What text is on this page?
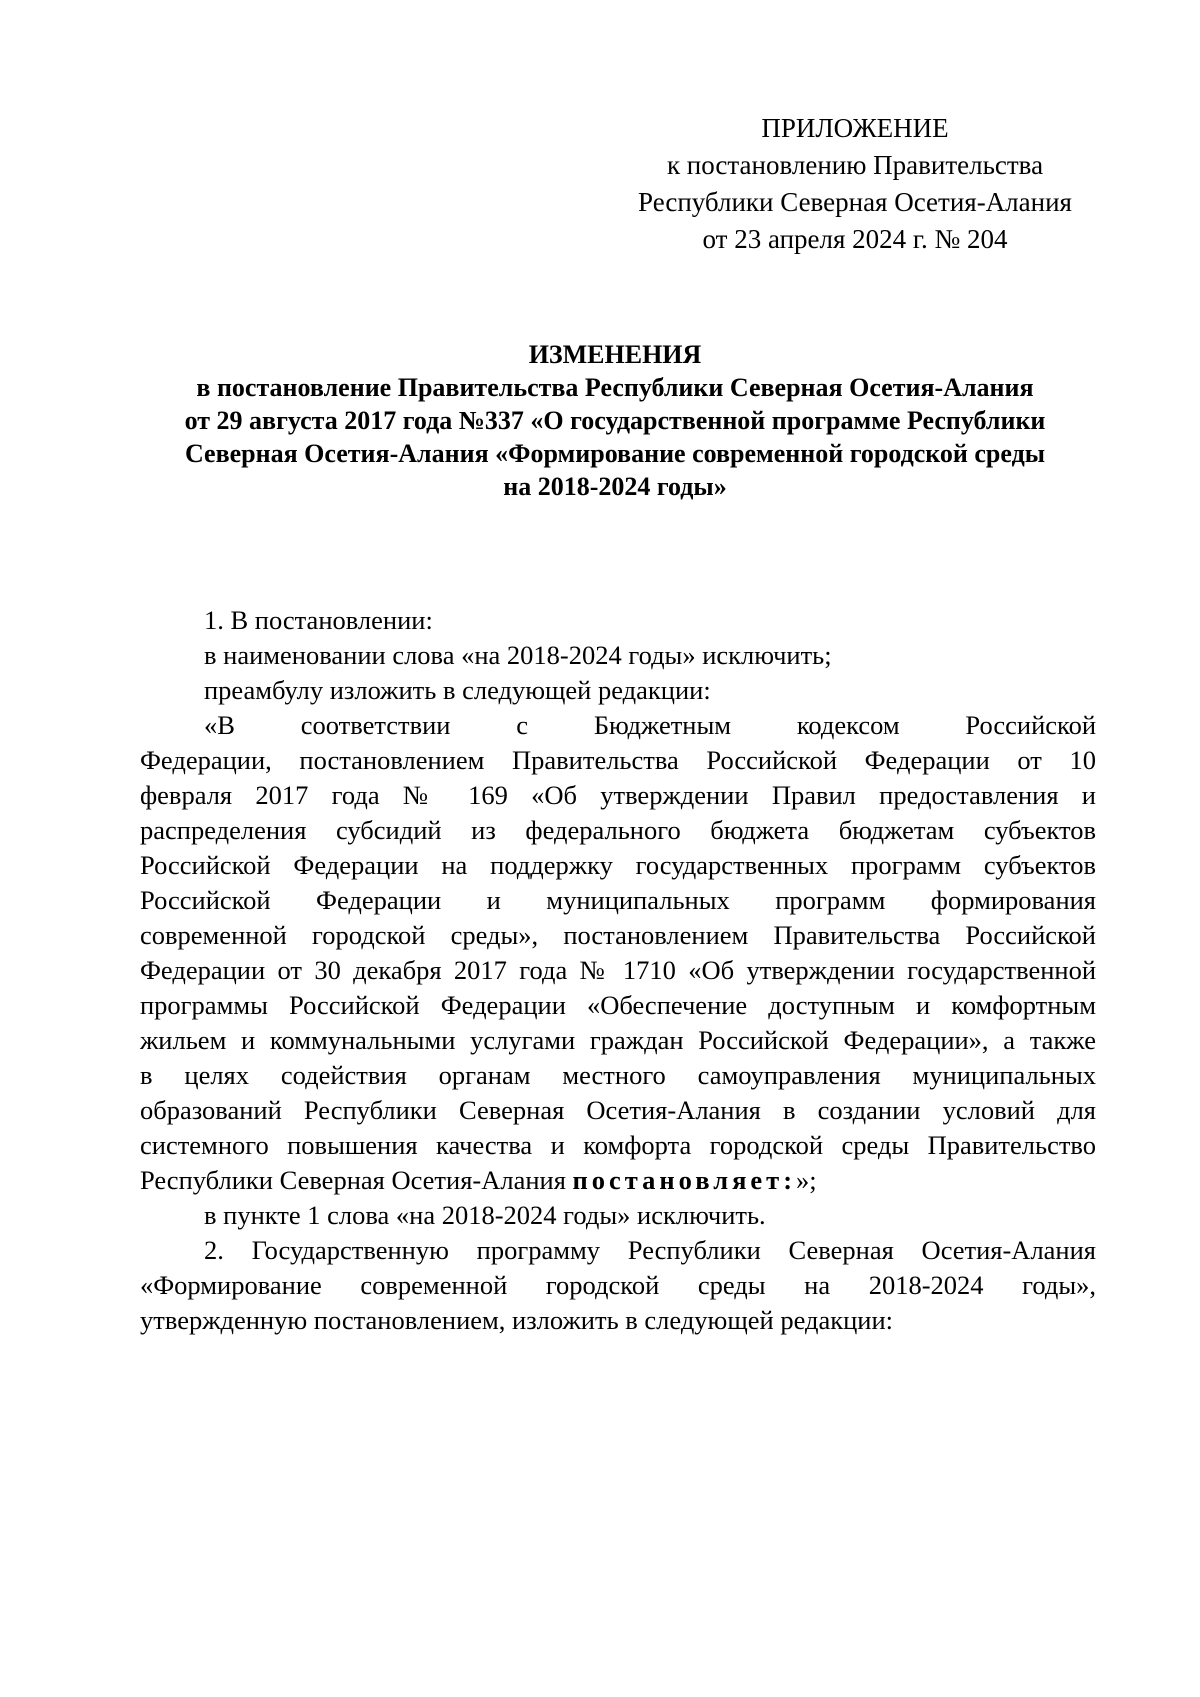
ПРИЛОЖЕНИЕ
к постановлению Правительства
Республики Северная Осетия-Алания
от 23 апреля 2024 г. № 204
ИЗМЕНЕНИЯ
в постановление Правительства Республики Северная Осетия-Алания
от 29 августа 2017 года №337 «О государственной программе Республики
Северная Осетия-Алания «Формирование современной городской среды
на 2018-2024 годы»
1. В постановлении:
в наименовании слова «на 2018-2024 годы» исключить;
преамбулу изложить в следующей редакции:
«В соответствии с Бюджетным кодексом Российской
Федерации, постановлением Правительства Российской Федерации от 10
февраля 2017 года № 169 «Об утверждении Правил предоставления и
распределения субсидий из федерального бюджета бюджетам субъектов
Российской Федерации на поддержку государственных программ субъектов
Российской Федерации и муниципальных программ формирования
современной городской среды», постановлением Правительства Российской
Федерации от 30 декабря 2017 года № 1710 «Об утверждении государственной
программы Российской Федерации «Обеспечение доступным и комфортным
жильем и коммунальными услугами граждан Российской Федерации», а также
в целях содействия органам местного самоуправления муниципальных
образований Республики Северная Осетия-Алания в создании условий для
системного повышения качества и комфорта городской среды Правительство
Республики Северная Осетия-Алания постановляет:»;
в пункте 1 слова «на 2018-2024 годы» исключить.
2. Государственную программу Республики Северная Осетия-Алания
«Формирование современной городской среды на 2018-2024 годы»,
утвержденную постановлением, изложить в следующей редакции:
